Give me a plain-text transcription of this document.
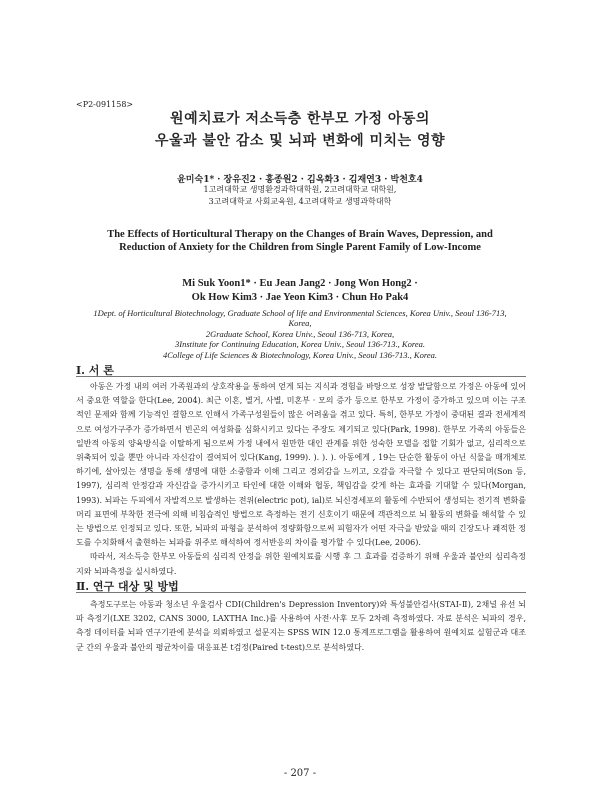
<P2-091158>
원예치료가 저소득층 한부모 가정 아동의
우울과 불안 감소 및 뇌파 변화에 미치는 영향
윤미숙1* · 장유진2 · 홍종원2 · 김옥화3 · 김재연3 · 박천호4
1고려대학교 생명환경과학대학원, 2고려대학교 대학원,
3고려대학교 사회교육원, 4고려대학교 생명과학대학
The Effects of Horticultural Therapy on the Changes of Brain Waves, Depression, and Reduction of Anxiety for the Children from Single Parent Family of Low-Income
Mi Suk Yoon1* · Eu Jean Jang2 · Jong Won Hong2 ·
Ok How Kim3 · Jae Yeon Kim3 · Chun Ho Pak4
1Dept. of Horticultural Biotechnology, Graduate School of life and Environmental Sciences, Korea Univ., Seoul 136-713, Korea,
2Graduate School, Korea Univ., Seoul 136-713, Korea,
3Institute for Continuing Education, Korea Univ., Seoul 136-713., Korea.
4College of Life Sciences & Biotechnology, Korea Univ., Seoul 136-713., Korea.
Ⅰ. 서 론

아동은 가정 내의 여러 가족원과의 상호작용을 통하여 얻게 되는 지식과 경험을 바탕으로 성장 발달함으로 가정은 아동에 있어서 중요한 역할을 한다(Lee, 2004). 최근 이혼, 별거, 사별, 미혼부 · 모의 증가 등으로 한부모 가정이 증가하고 있으며 이는 구조적인 문제와 함께 기능적인 결함으로 인해서 가족구성원들이 많은 어려움을 겪고 있다. 특히, 한부모 가정이 중대된 결과 전세계적으로 여성가구주가 증가하면서 빈곤의 여성화를 심화시키고 있다는 주장도 제기되고 있다(Park, 1998). 한부모 가족의 아동들은 일반적 아동의 양육방식을 이탈하게 됨으로써 가정 내에서 원만한 대인 관계를 위한 성숙한 모델을 접할 기회가 없고, 심리적으로 위축되어 있을 뿐만 아니라 자신감이 결여되어 있다(Kang, 1999). ). ). ). 아동에게 , 19는 단순한 활동이 아닌 식물을 매개체로 하기에, 살아있는 생명을 통해 생명에 대한 소중함과 이해 그리고 경외감을 느끼고, 오감을 자극할 수 있다고 판단되며(Son 등, 1997), 심리적 안정감과 자신감을 증가시키고 타인에 대한 이해와 협동, 책임감을 갖게 하는 효과를 기대할 수 있다(Morgan, 1993). 뇌파는 두피에서 자발적으로 발생하는 전위(electric pot), ial)로 뇌신경세포의 활동에 수반되어 생성되는 전기적 변화를 머리 표면에 부착한 전극에 의해 비침습적인 방법으로 측정하는 전기 신호이기 때문에 객관적으로 뇌 활동의 변화를 해석할 수 있는 방법으로 인정되고 있다. 또한, 뇌파의 파형을 분석하여 정량화함으로써 피험자가 어떤 자극을 받았을 때의 긴장도나 쾌적한 정도를 수치화해서 출현하는 뇌파를 위주로 해석하여 정서반응의 차이를 평가할 수 있다(Lee, 2006).

따라서, 저소득층 한부모 아동들의 심리적 안정을 위한 원예치료를 시행 후 그 효과를 검증하기 위해 우울과 불안의 심리측정지와 뇌파측정을 실시하였다.

Ⅱ. 연구 대상 및 방법

측정도구로는 아동과 청소년 우울검사 CDI(Children's Depression Inventory)와 특성불안검사(STAI-Ⅱ), 2채널 유선 뇌파 측정기(LXE 3202, CANS 3000, LAXTHA Inc.)를 사용하여 사전·사후 모두 2차례 측정하였다. 자료 분석은 뇌파의 경우, 측정 데이터를 뇌파 연구기관에 분석을 의뢰하였고 설문지는 SPSS WIN 12.0 통계프로그램을 활용하여 원예치료 실험군과 대조군 간의 우울과 불안의 평균차이를 대응표본 t검정(Paired t-test)으로 분석하였다.

- 207 -
